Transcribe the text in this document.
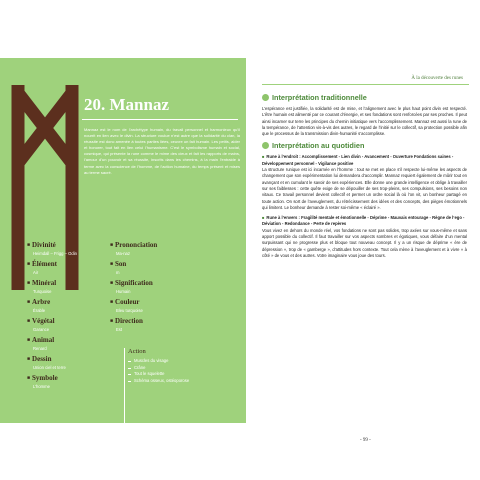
20. Mannaz

Mannaz est le nom de l’archétype humain, du travail personnel et harmonieux qu’il nourrit en lien avec le divin. La structure voulue n’est autre que la solidarité du clan, la réussite est donc amenée à toutes parties liées, ceuvre un fait humain. Les petits, aider et honorer, tout fait en lien celui l’humanisme. C’est le symbolisme humain et social, cosmique, qui présente la rune comme le mime des cieux et fait les rapports de mains, l’amour d’un pouvoir et sa réussite, inscrits dans les chemins, à la main l’entraide à terme avec la conscience de l’homme, de l’action humaine, du temps présent et mises au terme sacré.

■ Divinité
Heimdall – Frigg – Odin
■ Élément
Air
■ Minéral
Turquoise
■ Arbre
Érable
■ Végétal
Garance
■ Animal
Renard
■ Dessin
Union ciel et terre
■ Symbole
L’homme
■ Prononciation
Ma-naz
■ Son
m
■ Signification
Humain
■ Couleur
Bleu turquoise
■ Direction
Est

Action

Muscles du visage

Crâne

Tout le squelette

Schéma osseux, ostéoporose

À la découverte des runes

Interprétation traditionnelle

L’espérance est justifiée, la solidarité est de mise, et l’alignement avec le plus haut point divin est respecté. L’être humain est alimenté par ce courant d’énergie, et ses fondations sont renforcées par ses proches. Il peut ainsi incarner sur terre les principes du chemin initiatique vers l’accomplissement. Mannaz est aussi la rune de la tempérance, de l’attention vis-à-vis des autres, le regard de l’initié sur le collectif, sa protection possible afin que le processus de la transmission divin-humanité s’accomplisse.

Interprétation au quotidien

■ Rune à l’endroit : Accomplissement - Lien divin - Avancement - Ouverture Fondations saines - Développement personnel - Vigilance positive

La structure runique est ici incarnée en l’homme : tout se met en place s’il respecte lui-même les aspects de changement que son expérimentation lui demandera d’accomplir. Mannaz requiert également de mûrir tout en avançant et en cumulant le savoir de ses expériences. Elle donne une grande intelligence et oblige à travailler sur ses faiblesses : cette quête exige de se dépouiller de ses trop-pleins, ses compulsions, ses besoins non vitaux. Ce travail personnel devient collectif et permet un ordre social là où l’on vit, un bonheur partagé en toute action. On sort de l’aveuglement, du rétrécissement des idées et des concepts, des pièges émotionnels qui limitent. Le bonheur demande à rester soi-même « éclairé ».

■ Rune à l’envers : Fragilité mentale et émotionnelle - Déprime - Mauvais entourage - Règne de l’ego - Déviation - Redondance - Perte de repères

Vous vivez en dehors du monde réel, vos fondations ne sont pas solides, trop axées sur vous-même et sans apport possible du collectif. Il faut travailler sur vos aspects sombres et égotiques, vous défaire d’un mental surpuissant qui ne progresse plus et bloque tout nouveau concept. Il y a un risque de déprime « ère de dépression », trop de « gamberge », d’attitudes hors contexte. Tout cela mène à l’aveuglement et à vivre « à côté » de vous et des autres. Votre imaginaire vous joue des tours.

- 99 -
